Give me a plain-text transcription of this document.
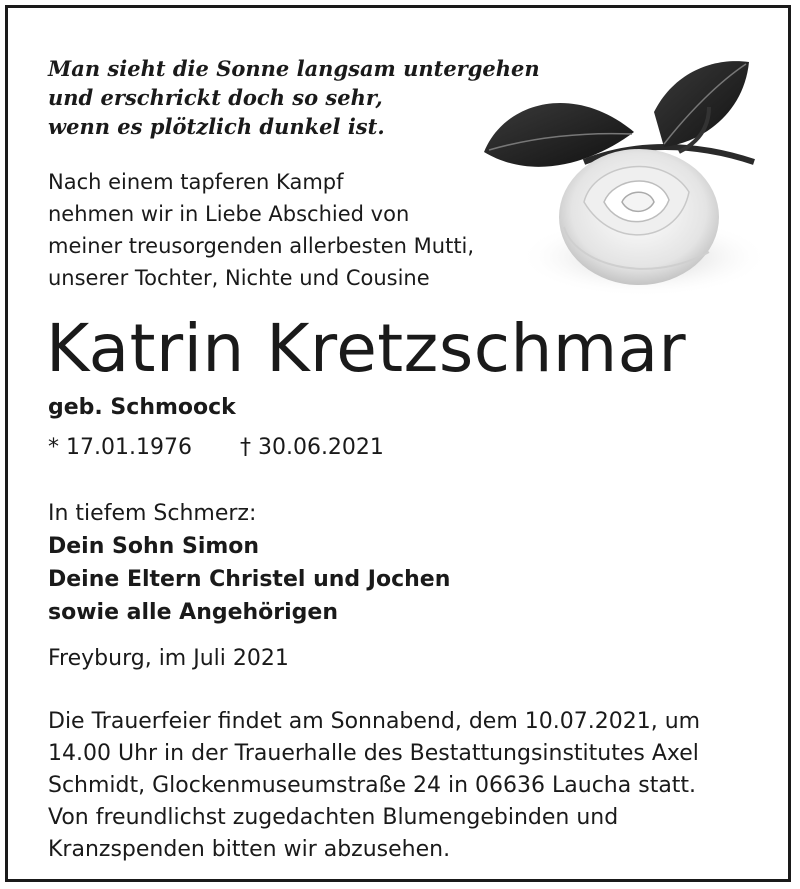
Man sieht die Sonne langsam untergehen
und erschrickt doch so sehr,
wenn es plötzlich dunkel ist.
Nach einem tapferen Kampf
nehmen wir in Liebe Abschied von
meiner treusorgenden allerbesten Mutti,
unserer Tochter, Nichte und Cousine
Katrin Kretzschmar
geb. Schmoock
* 17.01.1976 † 30.06.2021
In tiefem Schmerz:
Dein Sohn Simon
Deine Eltern Christel und Jochen
sowie alle Angehörigen
Freyburg, im Juli 2021
Die Trauerfeier findet am Sonnabend, dem 10.07.2021, um
14.00 Uhr in der Trauerhalle des Bestattungsinstitutes Axel
Schmidt, Glockenmuseumstraße 24 in 06636 Laucha statt.
Von freundlichst zugedachten Blumengebinden und
Kranzspenden bitten wir abzusehen.
